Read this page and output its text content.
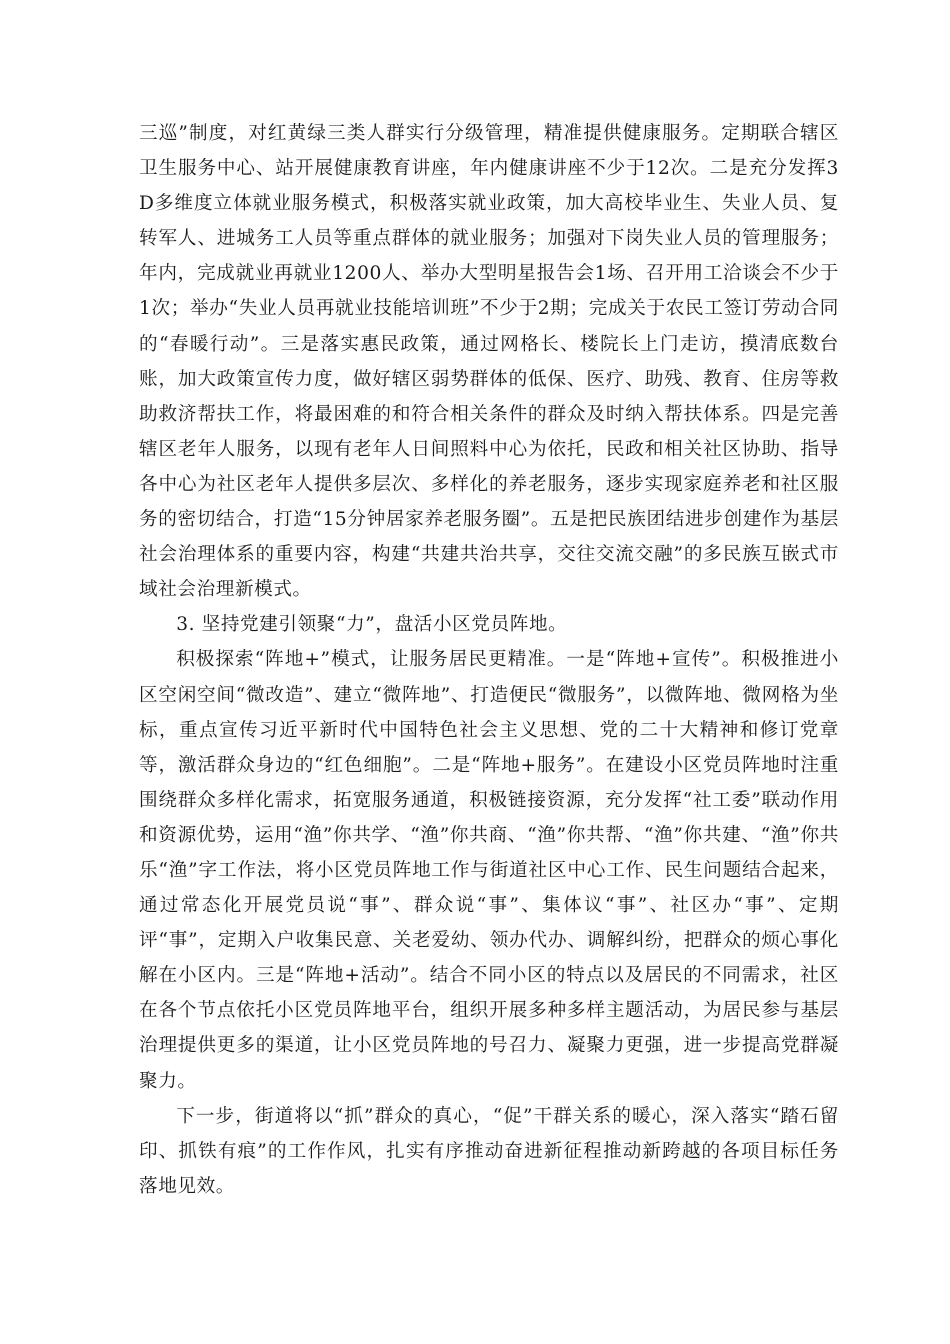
三巡”制度，对红黄绿三类人群实行分级管理，精准提供健康服务。定期联合辖区卫生服务中心、站开展健康教育讲座，年内健康讲座不少于12次。二是充分发挥3D多维度立体就业服务模式，积极落实就业政策，加大高校毕业生、失业人员、复转军人、进城务工人员等重点群体的就业服务；加强对下岗失业人员的管理服务；年内，完成就业再就业1200人、举办大型明星报告会1场、召开用工洽谈会不少于1次；举办“失业人员再就业技能培训班”不少于2期；完成关于农民工签订劳动合同的“春暖行动”。三是落实惠民政策，通过网格长、楼院长上门走访，摸清底数台账，加大政策宣传力度，做好辖区弱势群体的低保、医疗、助残、教育、住房等救助救济帮扶工作，将最困难的和符合相关条件的群众及时纳入帮扶体系。四是完善辖区老年人服务，以现有老年人日间照料中心为依托，民政和相关社区协助、指导各中心为社区老年人提供多层次、多样化的养老服务，逐步实现家庭养老和社区服务的密切结合，打造“15分钟居家养老服务圈”。五是把民族团结进步创建作为基层社会治理体系的重要内容，构建“共建共治共享，交往交流交融”的多民族互嵌式市域社会治理新模式。

3. 坚持党建引领聚“力”，盘活小区党员阵地。

积极探索“阵地+”模式，让服务居民更精准。一是“阵地+宣传”。积极推进小区空闲空间“微改造”、建立“微阵地”、打造便民“微服务”，以微阵地、微网格为坐标，重点宣传习近平新时代中国特色社会主义思想、党的二十大精神和修订党章等，激活群众身边的“红色细胞”。二是“阵地+服务”。在建设小区党员阵地时注重围绕群众多样化需求，拓宽服务通道，积极链接资源，充分发挥“社工委”联动作用和资源优势，运用“渔”你共学、“渔”你共商、“渔”你共帮、“渔”你共建、“渔”你共乐“渔”字工作法，将小区党员阵地工作与街道社区中心工作、民生问题结合起来，通过常态化开展党员说“事”、群众说“事”、集体议“事”、社区办“事”、定期评“事”，定期入户收集民意、关老爱幼、领办代办、调解纠纷，把群众的烦心事化解在小区内。三是“阵地+活动”。结合不同小区的特点以及居民的不同需求，社区在各个节点依托小区党员阵地平台，组织开展多种多样主题活动，为居民参与基层治理提供更多的渠道，让小区党员阵地的号召力、凝聚力更强，进一步提高党群凝聚力。

下一步，街道将以“抓”群众的真心，“促”干群关系的暖心，深入落实“踏石留印、抓铁有痕”的工作作风，扎实有序推动奋进新征程推动新跨越的各项目标任务落地见效。
